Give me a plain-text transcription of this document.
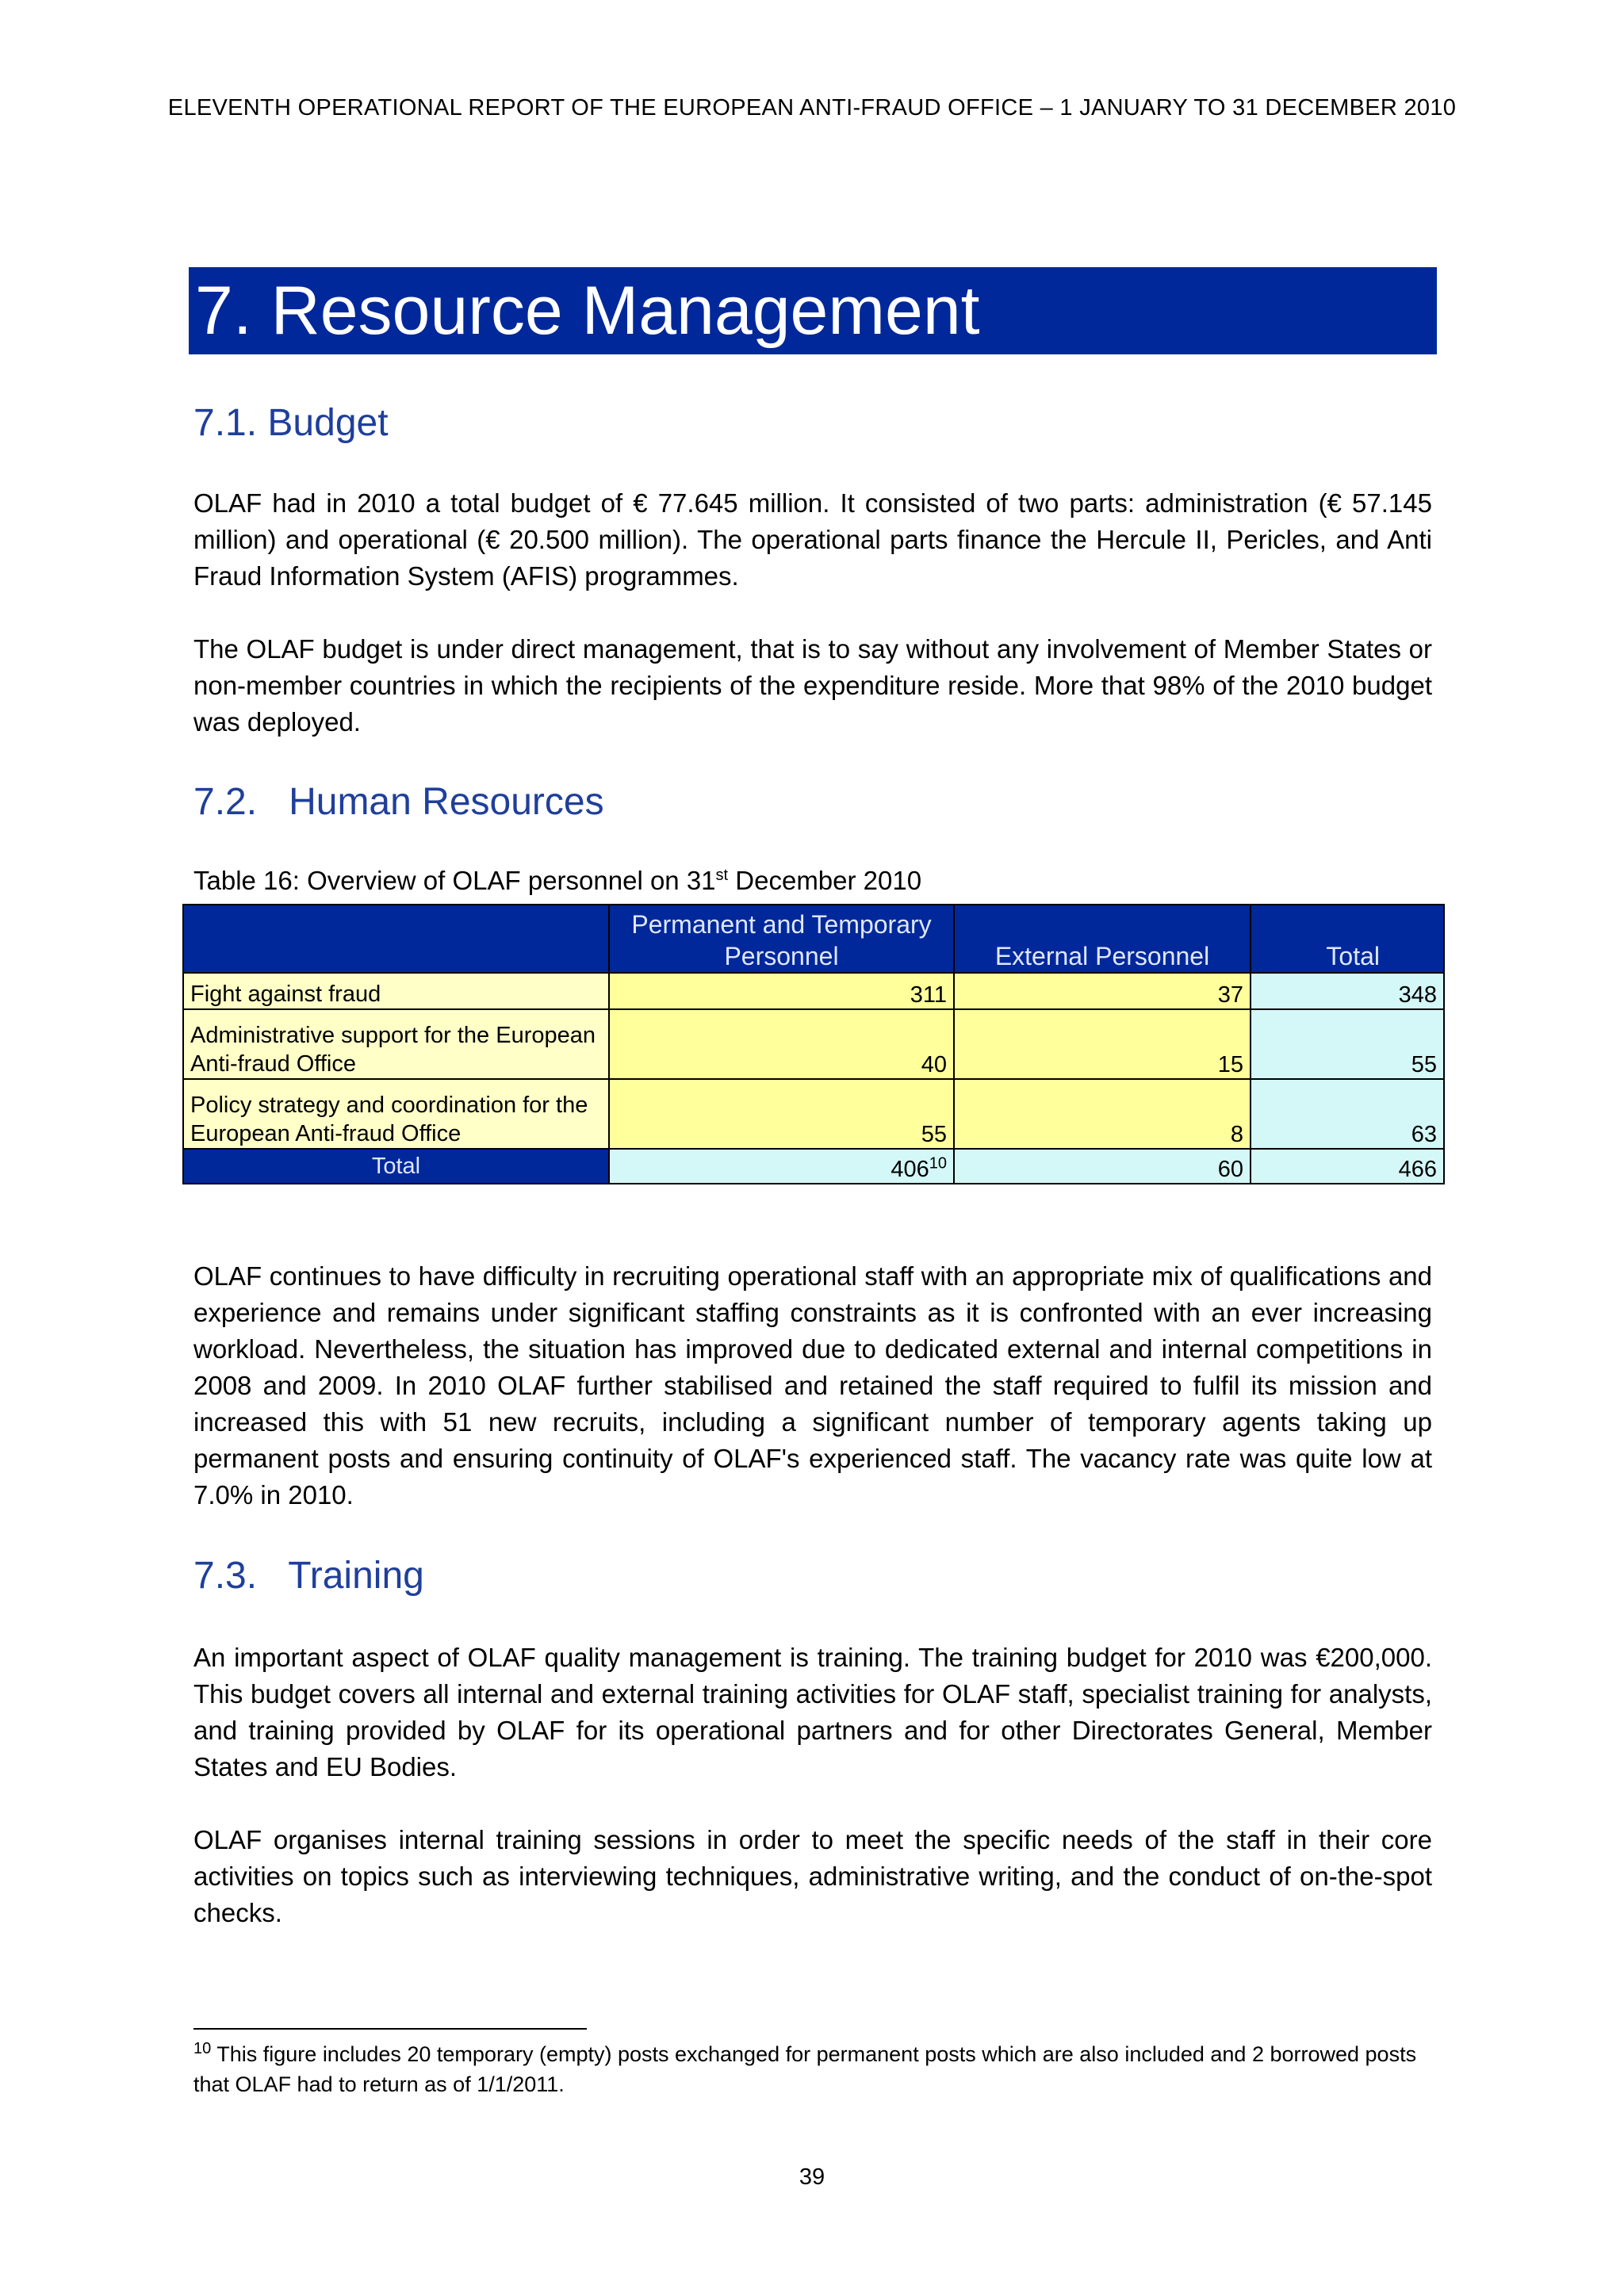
ELEVENTH OPERATIONAL REPORT OF THE EUROPEAN ANTI-FRAUD OFFICE – 1 JANUARY TO 31 DECEMBER 2010
7. Resource Management
7.1. Budget

OLAF had in 2010 a total budget of € 77.645 million. It consisted of two parts: administration (€ 57.145 million) and operational (€ 20.500 million). The operational parts finance the Hercule II, Pericles, and Anti Fraud Information System (AFIS) programmes.

The OLAF budget is under direct management, that is to say without any involvement of Member States or non-member countries in which the recipients of the expenditure reside. More that 98% of the 2010 budget was deployed.

7.2. Human Resources
Table 16: Overview of OLAF personnel on 31st December 2010
	Permanent and Temporary Personnel	External Personnel	Total
Fight against fraud	311	37	348
Administrative support for the European Anti-fraud Office	40	15	55
Policy strategy and coordination for the European Anti-fraud Office	55	8	63
Total	$406^{10}$	60	466

OLAF continues to have difficulty in recruiting operational staff with an appropriate mix of qualifications and experience and remains under significant staffing constraints as it is confronted with an ever increasing workload. Nevertheless, the situation has improved due to dedicated external and internal competitions in 2008 and 2009. In 2010 OLAF further stabilised and retained the staff required to fulfil its mission and increased this with 51 new recruits, including a significant number of temporary agents taking up permanent posts and ensuring continuity of OLAF's experienced staff. The vacancy rate was quite low at 7.0% in 2010.

7.3. Training

An important aspect of OLAF quality management is training. The training budget for 2010 was €200,000. This budget covers all internal and external training activities for OLAF staff, specialist training for analysts, and training provided by OLAF for its operational partners and for other Directorates General, Member States and EU Bodies.

OLAF organises internal training sessions in order to meet the specific needs of the staff in their core activities on topics such as interviewing techniques, administrative writing, and the conduct of on-the-spot checks.

$^{10}$ This figure includes 20 temporary (empty) posts exchanged for permanent posts which are also included and 2 borrowed posts that OLAF had to return as of 1/1/2011.

39
